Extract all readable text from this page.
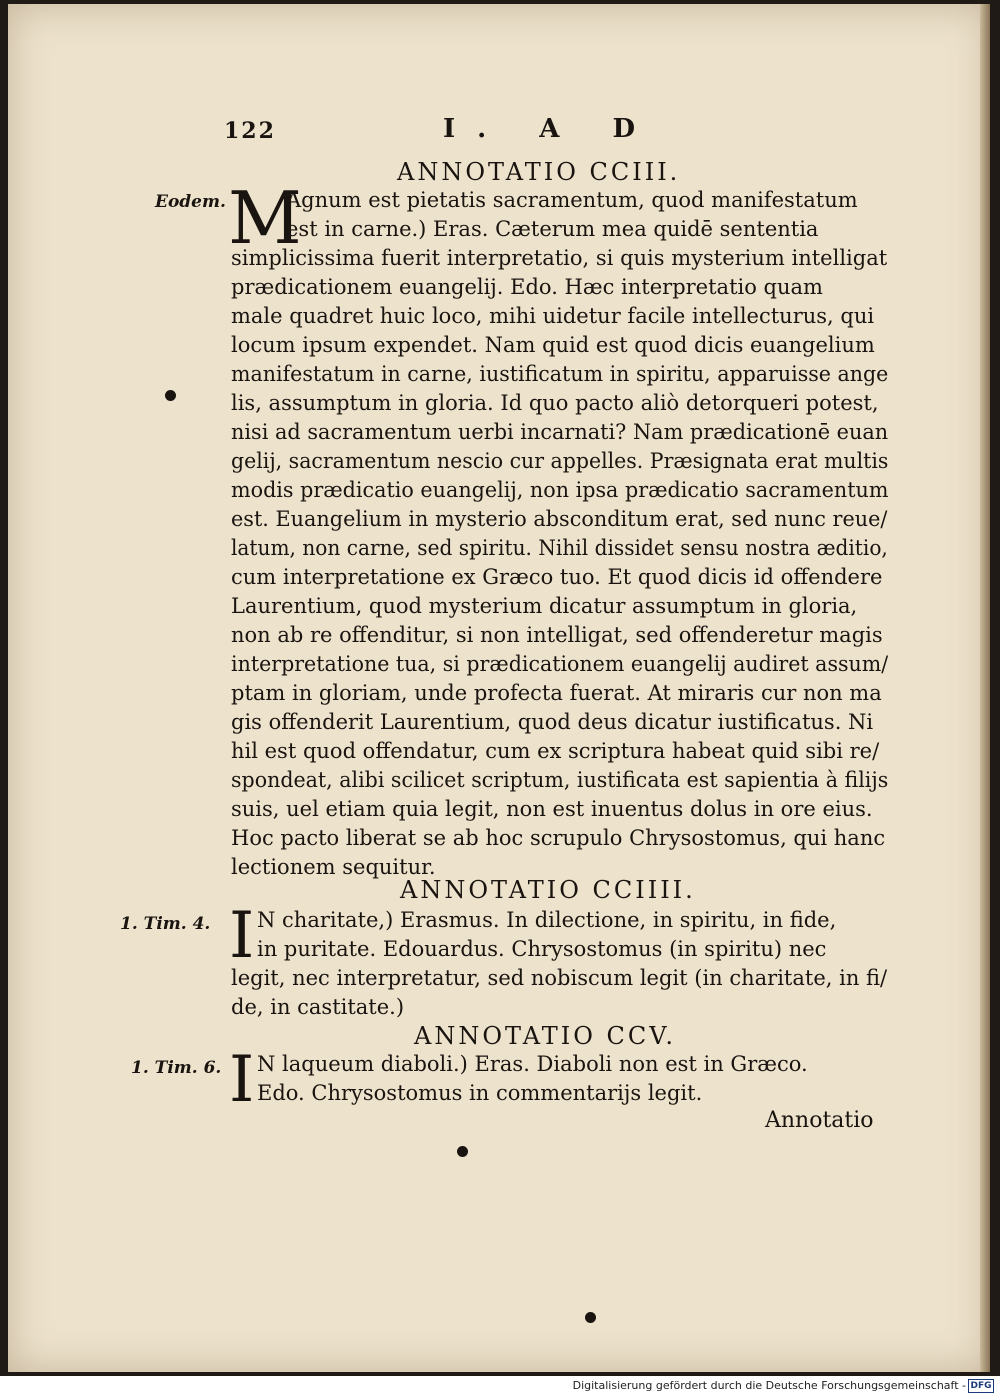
122	I. A D
ANNOTATIO CCIII.
Eodem. M
Agnum est pietatis sacramentum, quod manifestatum
est in carne.) Eras. Cæterum mea quidē sententia
simplicissima fuerit interpretatio, si quis mysterium intelligat
prædicationem euangelij. Edo. Hæc interpretatio quam
male quadret huic loco, mihi uidetur facile intellecturus, qui
locum ipsum expendet. Nam quid est quod dicis euangelium
manifestatum in carne, iustificatum in spiritu, apparuisse ange
lis, assumptum in gloria. Id quo pacto aliò detorqueri potest,
nisi ad sacramentum uerbi incarnati? Nam prædicationē euan
gelij, sacramentum nescio cur appelles. Præsignata erat multis
modis prædicatio euangelij, non ipsa prædicatio sacramentum
est. Euangelium in mysterio absconditum erat, sed nunc reue/
latum, non carne, sed spiritu. Nihil dissidet sensu nostra æditio,
cum interpretatione ex Græco tuo. Et quod dicis id offendere
Laurentium, quod mysterium dicatur assumptum in gloria,
non ab re offenditur, si non intelligat, sed offenderetur magis
interpretatione tua, si prædicationem euangelij audiret assum/
ptam in gloriam, unde profecta fuerat. At miraris cur non ma
gis offenderit Laurentium, quod deus dicatur iustificatus. Ni
hil est quod offendatur, cum ex scriptura habeat quid sibi re/
spondeat, alibi scilicet scriptum, iustificata est sapientia à filijs
suis, uel etiam quia legit, non est inuentus dolus in ore eius.
Hoc pacto liberat se ab hoc scrupulo Chrysostomus, qui hanc
lectionem sequitur.
ANNOTATIO CCIIII.
1. Tim. 4. I N charitate,) Erasmus. In dilectione, in spiritu, in fide,
in puritate. Edouardus. Chrysostomus (in spiritu) nec
legit, nec interpretatur, sed nobiscum legit (in charitate, in fi/
de, in castitate.)
ANNOTATIO CCV.
1. Tim. 6. I N laqueum diaboli.) Eras. Diaboli non est in Græco.
Edo. Chrysostomus in commentarijs legit.
Annotatio
Digitalisierung gefördert durch die Deutsche Forschungsgemeinschaft - DFG
